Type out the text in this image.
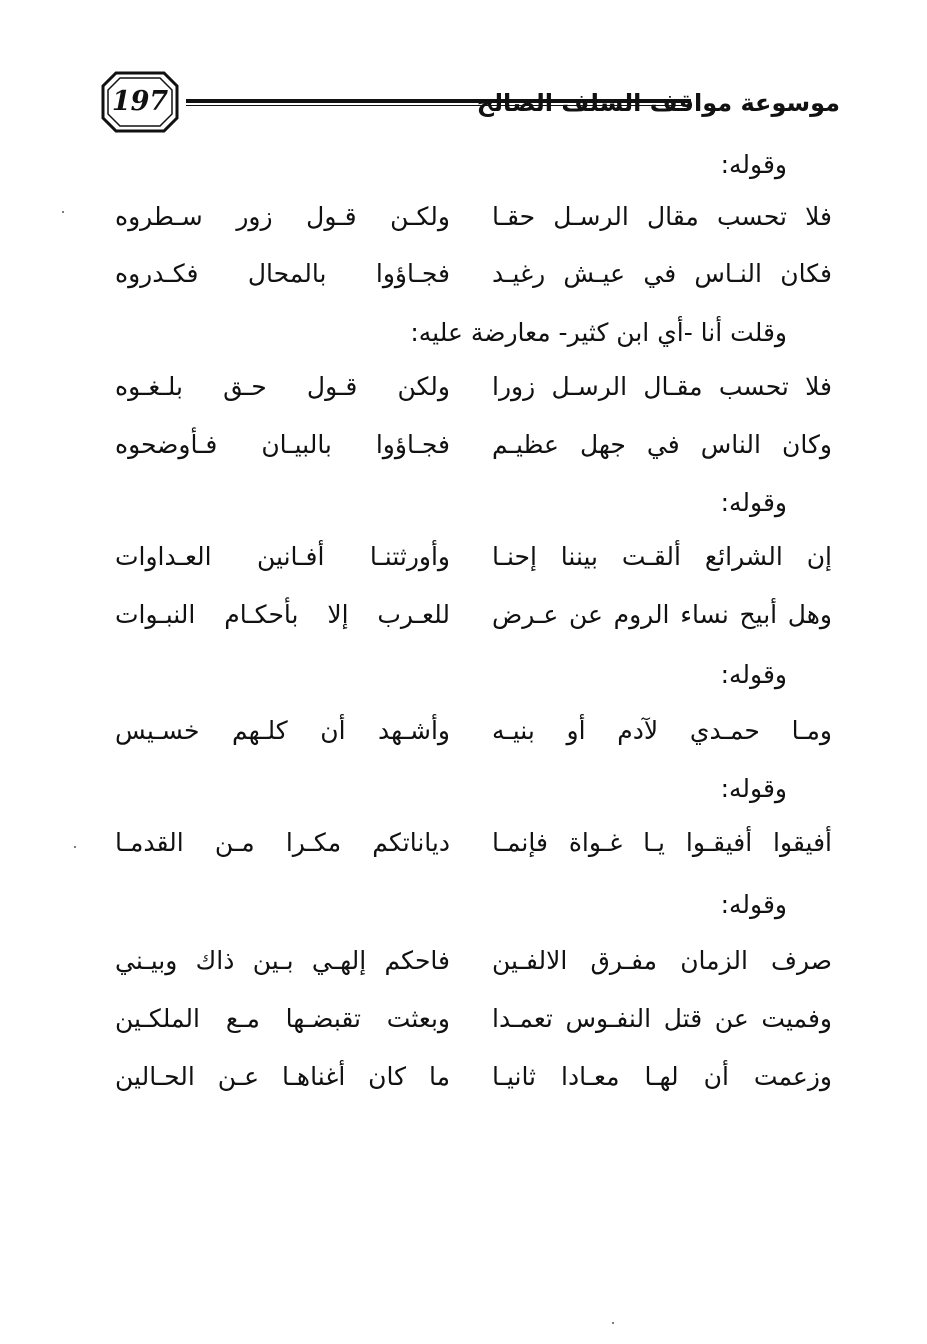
197	موسوعة مواقف السلف الصالح
وقوله:
فلا تحسب مقال الرسـل حقـا
ولكـن قـول زور سـطروه
فكان النـاس في عيـش رغيـد
فجـاؤوا بالمحال فكـدروه
وقلت أنا -أي ابن كثير- معارضة عليه:
فلا تحسب مقـال الرسـل زورا
ولكن قـول حـق بلـغـوه
وكان الناس في جهل عظيـم
فجـاؤوا بالبيـان فـأوضحوه
وقوله:
إن الشرائع ألقـت بيننا إحنـا
وأورثتنـا أفـانين العـداوات
وهل أبيح نساء الروم عن عـرض
للعـرب إلا بأحكـام النبـوات
وقوله:
ومـا حمـدي لآدم أو بنيـه
وأشـهد أن كلـهم خسـيس
وقوله:
أفيقوا أفيقـوا يـا غـواة فإنمـا
دياناتكم مكـرا مـن القدمـا
وقوله:
صرف الزمان مفـرق الالفـين
فاحكم إلهـي بـين ذاك وبيـني
وفميت عن قتل النفـوس تعمـدا
وبعثت تقبضـها مـع الملكـين
وزعمت أن لهـا معـادا ثانيـا
ما كان أغناهـا عـن الحـالين
